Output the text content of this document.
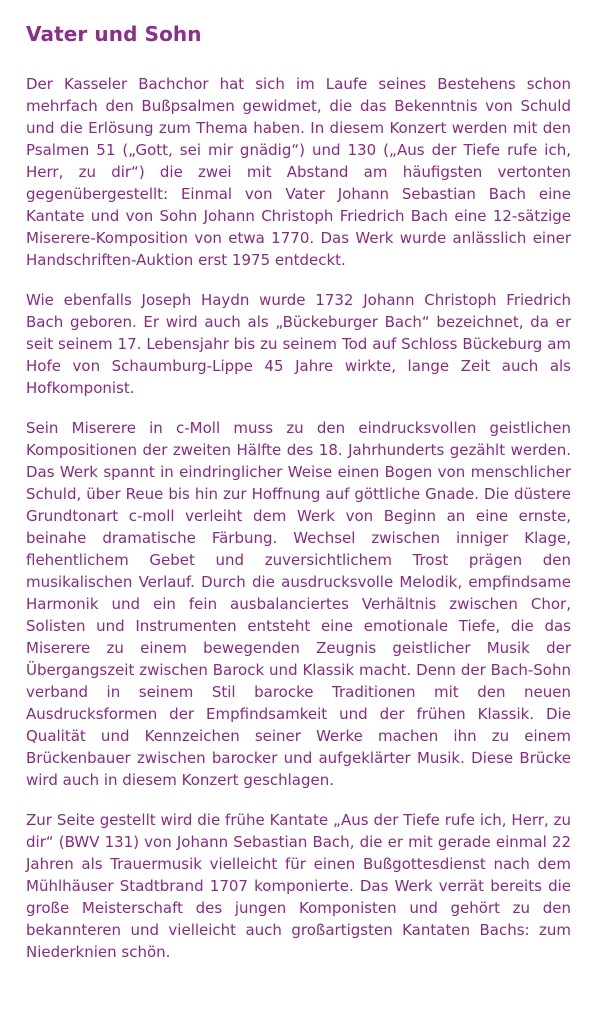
Vater und Sohn

Der Kasseler Bachchor hat sich im Laufe seines Bestehens schon mehrfach den Bußpsalmen gewidmet, die das Bekenntnis von Schuld und die Erlösung zum Thema haben. In diesem Konzert werden mit den Psalmen 51 („Gott, sei mir gnädig“) und 130 („Aus der Tiefe rufe ich, Herr, zu dir“) die zwei mit Abstand am häufigsten vertonten gegenübergestellt: Einmal von Vater Johann Sebastian Bach eine Kantate und von Sohn Johann Christoph Friedrich Bach eine 12-sätzige Miserere-Komposition von etwa 1770. Das Werk wurde anlässlich einer Handschriften-Auktion erst 1975 entdeckt.

Wie ebenfalls Joseph Haydn wurde 1732 Johann Christoph Friedrich Bach geboren. Er wird auch als „Bückeburger Bach“ bezeichnet, da er seit seinem 17. Lebensjahr bis zu seinem Tod auf Schloss Bückeburg am Hofe von Schaumburg-Lippe 45 Jahre wirkte, lange Zeit auch als Hofkomponist.

Sein Miserere in c-Moll muss zu den eindrucksvollen geistlichen Kompositionen der zweiten Hälfte des 18. Jahrhunderts gezählt werden. Das Werk spannt in eindringlicher Weise einen Bogen von menschlicher Schuld, über Reue bis hin zur Hoffnung auf göttliche Gnade. Die düstere Grundtonart c-moll verleiht dem Werk von Beginn an eine ernste, beinahe dramatische Färbung. Wechsel zwischen inniger Klage, flehentlichem Gebet und zuversichtlichem Trost prägen den musikalischen Verlauf. Durch die ausdrucksvolle Melodik, empfindsame Harmonik und ein fein ausbalanciertes Verhältnis zwischen Chor, Solisten und Instrumenten entsteht eine emotionale Tiefe, die das Miserere zu einem bewegenden Zeugnis geistlicher Musik der Übergangszeit zwischen Barock und Klassik macht. Denn der Bach-Sohn verband in seinem Stil barocke Traditionen mit den neuen Ausdrucksformen der Empfindsamkeit und der frühen Klassik. Die Qualität und Kennzeichen seiner Werke machen ihn zu einem Brückenbauer zwischen barocker und aufgeklärter Musik. Diese Brücke wird auch in diesem Konzert geschlagen.

Zur Seite gestellt wird die frühe Kantate „Aus der Tiefe rufe ich, Herr, zu dir“ (BWV 131) von Johann Sebastian Bach, die er mit gerade einmal 22 Jahren als Trauermusik vielleicht für einen Bußgottesdienst nach dem Mühlhäuser Stadtbrand 1707 komponierte. Das Werk verrät bereits die große Meisterschaft des jungen Komponisten und gehört zu den bekannteren und vielleicht auch großartigsten Kantaten Bachs: zum Niederknien schön.
